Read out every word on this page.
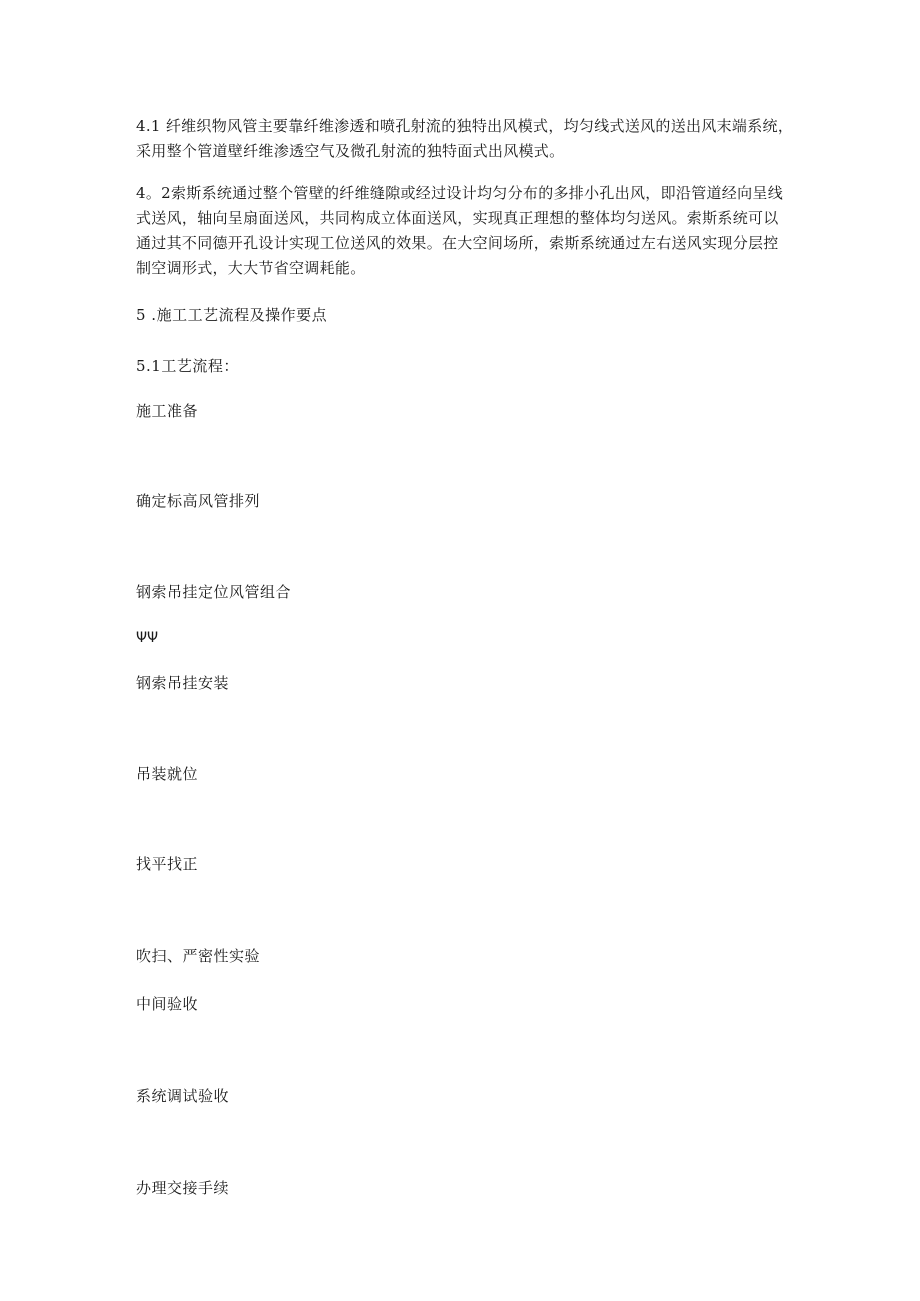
4.1 纤维织物风管主要靠纤维渗透和喷孔射流的独特出风模式，均匀线式送风的送出风末端系统，
采用整个管道壁纤维渗透空气及微孔射流的独特面式出风模式。
4。2索斯系统通过整个管壁的纤维缝隙或经过设计均匀分布的多排小孔出风，即沿管道经向呈线
式送风，轴向呈扇面送风，共同构成立体面送风，实现真正理想的整体均匀送风。索斯系统可以
通过其不同德开孔设计实现工位送风的效果。在大空间场所，索斯系统通过左右送风实现分层控
制空调形式，大大节省空调耗能。
5 .施工工艺流程及操作要点
5.1工艺流程：
施工准备
确定标高风管排列
钢索吊挂定位风管组合
ΨΨ
钢索吊挂安装
吊装就位
找平找正
吹扫、严密性实验
中间验收
系统调试验收
办理交接手续
